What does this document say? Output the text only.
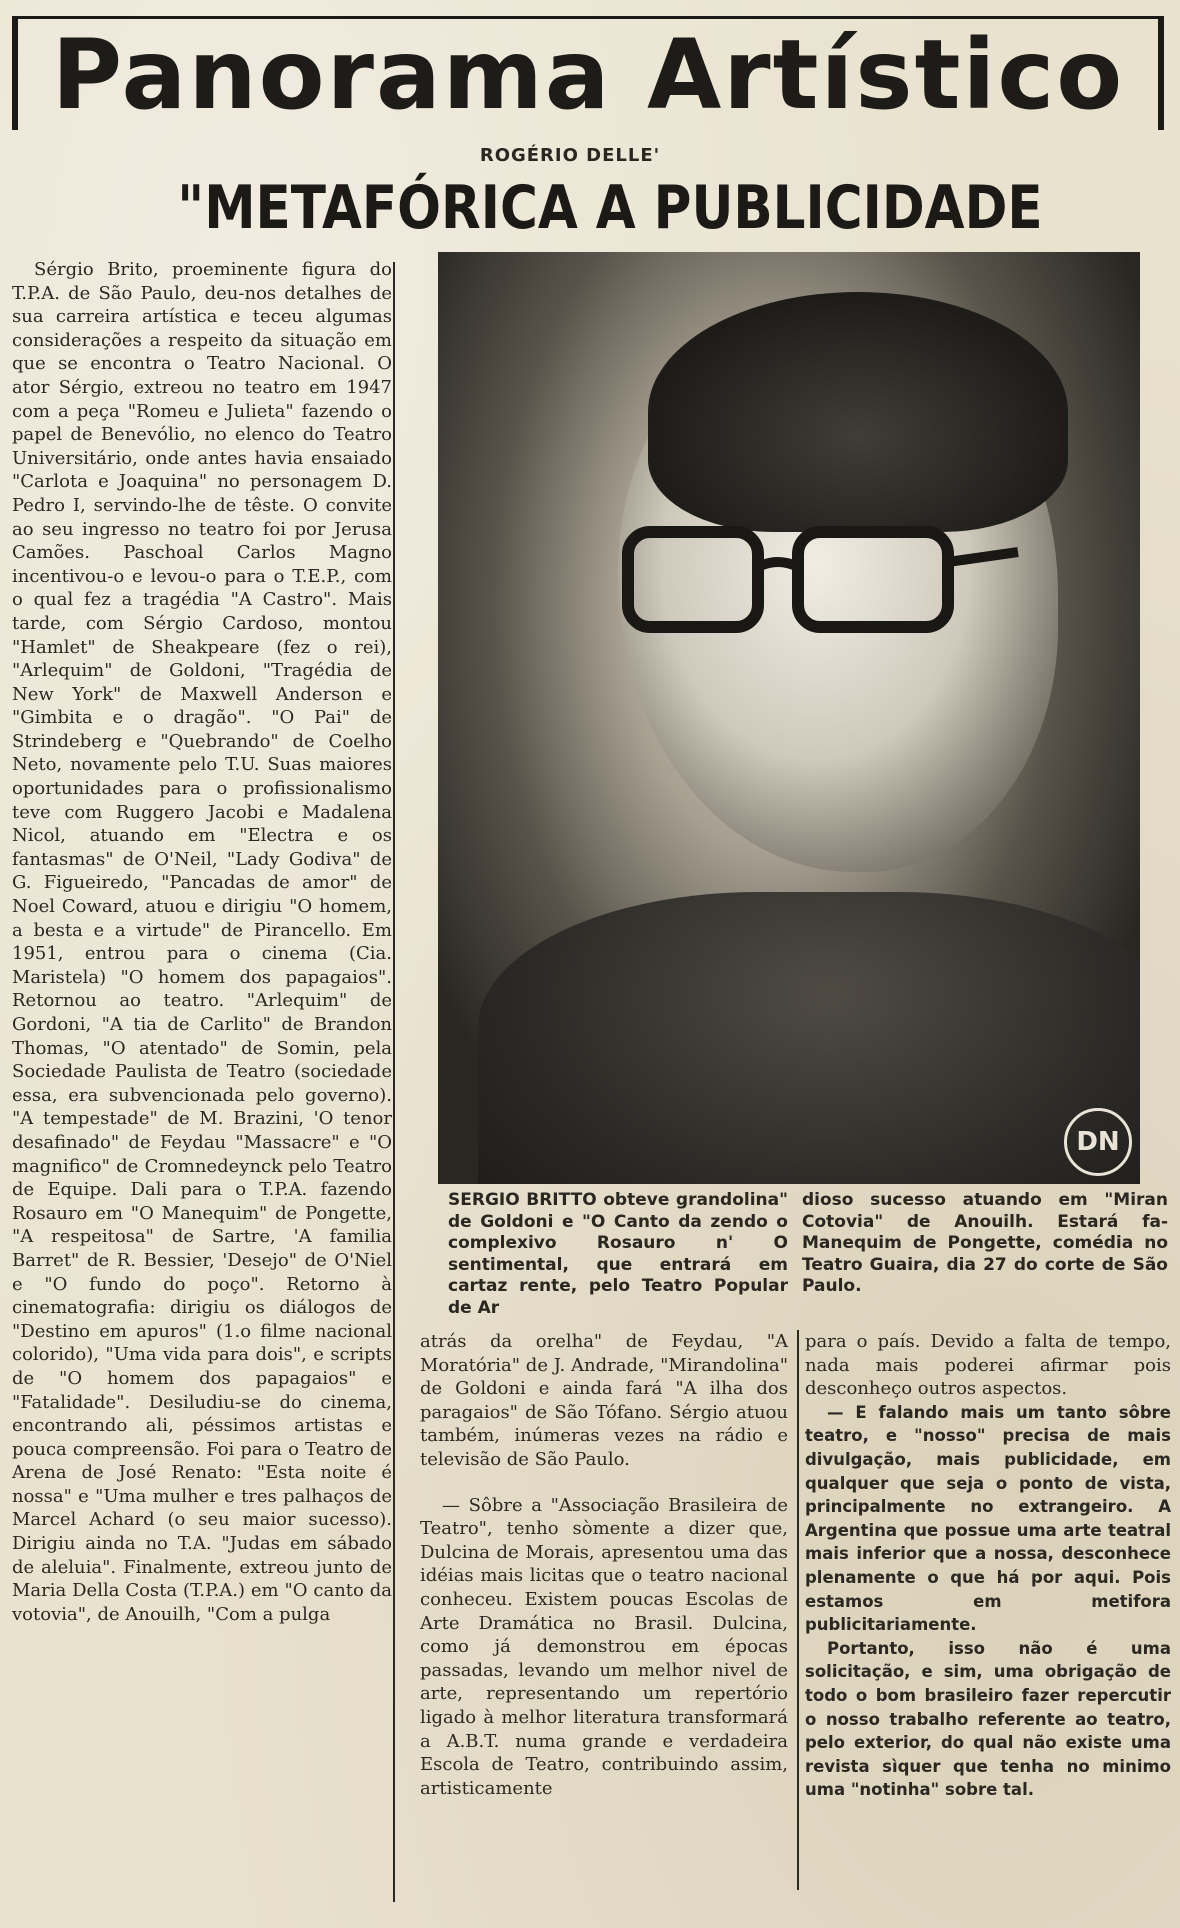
Panorama Artístico
ROGÉRIO DELLE'
"METAFÓRICA A PUBLICIDADE

Sérgio Brito, proeminente figura do T.P.A. de São Paulo, deu-nos detalhes de sua carreira artística e teceu algumas considerações a respeito da situação em que se encontra o Teatro Nacional. O ator Sérgio, extreou no teatro em 1947 com a peça "Romeu e Julieta" fazendo o papel de Benevólio, no elenco do Teatro Universitário, onde antes havia ensaiado "Carlota e Joaquina" no personagem D. Pedro I, servindo-lhe de têste. O convite ao seu ingresso no teatro foi por Jerusa Camões. Paschoal Carlos Magno incentivou-o e levou-o para o T.E.P., com o qual fez a tragédia "A Castro". Mais tarde, com Sérgio Cardoso, montou "Hamlet" de Sheakpeare (fez o rei), "Arlequim" de Goldoni, "Tragédia de New York" de Maxwell Anderson e "Gimbita e o dragão". "O Pai" de Strindeberg e "Quebrando" de Coelho Neto, novamente pelo T.U. Suas maiores oportunidades para o profissionalismo teve com Ruggero Jacobi e Madalena Nicol, atuando em "Electra e os fantasmas" de O'Neil, "Lady Godiva" de G. Figueiredo, "Pancadas de amor" de Noel Coward, atuou e dirigiu "O homem, a besta e a virtude" de Pirancello. Em 1951, entrou para o cinema (Cia. Maristela) "O homem dos papagaios". Retornou ao teatro. "Arlequim" de Gordoni, "A tia de Carlito" de Brandon Thomas, "O atentado" de Somin, pela Sociedade Paulista de Teatro (sociedade essa, era subvencionada pelo governo). "A tempestade" de M. Brazini, 'O tenor desafinado" de Feydau "Massacre" e "O magnifico" de Cromnedeynck pelo Teatro de Equipe. Dali para o T.P.A. fazendo Rosauro em "O Manequim" de Pongette, "A respeitosa" de Sartre, 'A familia Barret" de R. Bessier, 'Desejo" de O'Niel e "O fundo do poço". Retorno à cinematografia: dirigiu os diálogos de "Destino em apuros" (1.o filme nacional colorido), "Uma vida para dois", e scripts de "O homem dos papagaios" e "Fatalidade". Desiludiu-se do cinema, encontrando ali, péssimos artistas e pouca compreensão. Foi para o Teatro de Arena de José Renato: "Esta noite é nossa" e "Uma mulher e tres palhaços de Marcel Achard (o seu maior sucesso). Dirigiu ainda no T.A. "Judas em sábado de aleluia". Finalmente, extreou junto de Maria Della Costa (T.P.A.) em "O canto da votovia", de Anouilh, "Com a pulga

DN

SERGIO BRITTO obteve grandolina" de Goldoni e "O Canto da zendo o complexivo Rosauro n' O sentimental, que entrará em cartaz rente, pelo Teatro Popular de Ar

dioso sucesso atuando em "Miran Cotovia" de Anouilh. Estará fa- Manequim de Pongette, comédia no Teatro Guaira, dia 27 do corte de São Paulo.

atrás da orelha" de Feydau, "A Moratória" de J. Andrade, "Mirandolina" de Goldoni e ainda fará "A ilha dos paragaios" de São Tófano. Sérgio atuou também, inúmeras vezes na rádio e televisão de São Paulo.

— Sôbre a "Associação Brasileira de Teatro", tenho sòmente a dizer que, Dulcina de Morais, apresentou uma das idéias mais licitas que o teatro nacional conheceu. Existem poucas Escolas de Arte Dramática no Brasil. Dulcina, como já demonstrou em épocas passadas, levando um melhor nivel de arte, representando um repertório ligado à melhor literatura transformará a A.B.T. numa grande e verdadeira Escola de Teatro, contribuindo assim, artisticamente

para o país. Devido a falta de tempo, nada mais poderei afirmar pois desconheço outros aspectos.

— E falando mais um tanto sôbre teatro, e "nosso" precisa de mais divulgação, mais publicidade, em qualquer que seja o ponto de vista, principalmente no extrangeiro. A Argentina que possue uma arte teatral mais inferior que a nossa, desconhece plenamente o que há por aqui. Pois estamos em metifora publicitariamente.

Portanto, isso não é uma solicitação, e sim, uma obrigação de todo o bom brasileiro fazer repercutir o nosso trabalho referente ao teatro, pelo exterior, do qual não existe uma revista sìquer que tenha no minimo uma "notinha" sobre tal.
